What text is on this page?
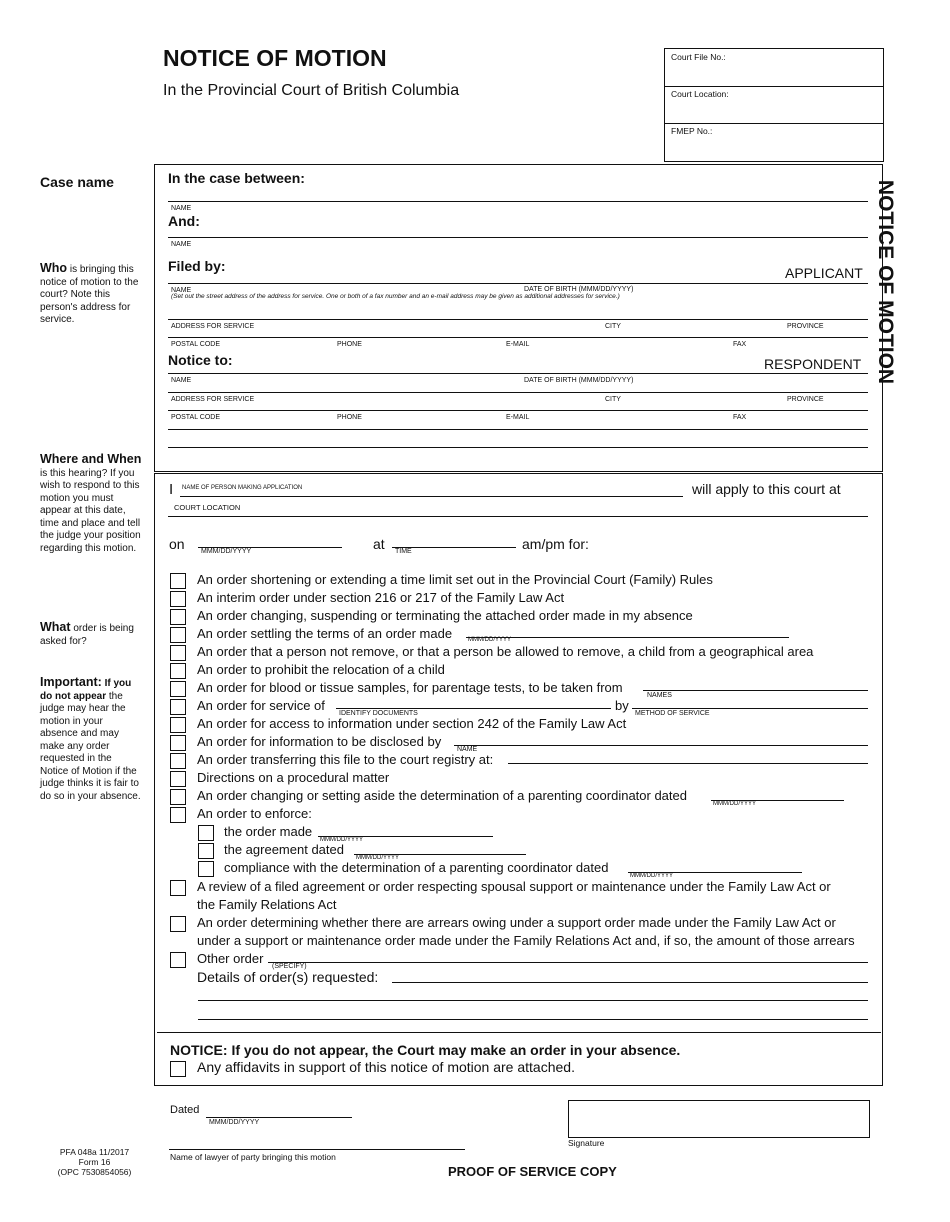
NOTICE OF MOTION
In the Provincial Court of British Columbia
Court File No.:
Court Location:
FMEP No.:
NOTICE OF MOTION
Case name
Who is bringing this notice of motion to the court? Note this person's address for service.
Where and When is this hearing? If you wish to respond to this motion you must appear at this date, time and place and tell the judge your position regarding this motion.
What order is being asked for?
Important: If you do not appear the judge may hear the motion in your absence and may make any order requested in the Notice of Motion if the judge thinks it is fair to do so in your absence.
In the case between:
NAME
And:
NAME
Filed by:	APPLICANT
NAME	DATE OF BIRTH (MMM/DD/YYYY)
(Set out the street address of the address for service. One or both of a fax number and an e-mail address may be given as additional addresses for service.)
ADDRESS FOR SERVICE	CITY	PROVINCE
POSTAL CODE	PHONE	E-MAIL	FAX
Notice to:	RESPONDENT
NAME	DATE OF BIRTH (MMM/DD/YYYY)
ADDRESS FOR SERVICE	CITY	PROVINCE
POSTAL CODE	PHONE	E-MAIL	FAX
I NAME OF PERSON MAKING APPLICATION	will apply to this court at
COURT LOCATION
on MMM/DD/YYYY	at TIME	am/pm for:
An order shortening or extending a time limit set out in the Provincial Court (Family) Rules
An interim order under section 216 or 217 of the Family Law Act
An order changing, suspending or terminating the attached order made in my absence
An order settling the terms of an order made	MMM/DD/YYYY
An order that a person not remove, or that a person be allowed to remove, a child from a geographical area
An order to prohibit the relocation of a child
An order for blood or tissue samples, for parentage tests, to be taken from
NAMES
An order for service of
IDENTIFY DOCUMENTS
by
METHOD OF SERVICE
An order for access to information under section 242 of the Family Law Act
An order for information to be disclosed by
NAME
An order transferring this file to the court registry at:
Directions on a procedural matter
An order changing or setting aside the determination of a parenting coordinator dated
MMM/DD/YYYY
An order to enforce:
the order made
MMM/DD/YYYY
the agreement dated
MMM/DD/YYYY
compliance with the determination of a parenting coordinator dated
MMM/DD/YYYY
A review of a filed agreement or order respecting spousal support or maintenance under the Family Law Act or
the Family Relations Act
An order determining whether there are arrears owing under a support order made under the Family Law Act or
under a support or maintenance order made under the Family Relations Act and, if so, the amount of those arrears
Other order
(SPECIFY)
Details of order(s) requested:
NOTICE: If you do not appear, the Court may make an order in your absence.
Any affidavits in support of this notice of motion are attached.
Dated
MMM/DD/YYYY
Signature
Name of lawyer of party bringing this motion
PFA 048a 11/2017
Form 16
(OPC 7530854056)	PROOF OF SERVICE COPY
